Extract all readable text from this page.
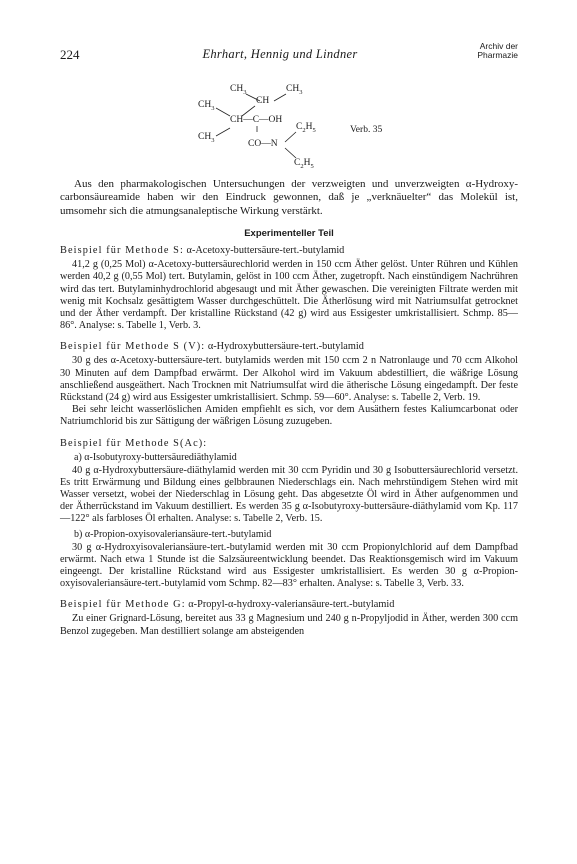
224	Ehrhart, Hennig und Lindner
Archiv der
Pharmazie
$CH_3$	$CH_3$
CH
$CH_3$
CH—C—OH
$CH_3$
$C_2H_5$
CO—N
$C_2H_5$
Verb. 35

Aus den pharmakologischen Untersuchungen der verzweigten und unverzweigten α-Hydroxy-carbonsäureamide haben wir den Eindruck gewonnen, daß je „verknäuelter“ das Molekül ist, umsomehr sich die atmungsanaleptische Wirkung verstärkt.

Experimenteller Teil
Beispiel für Methode S: α-Acetoxy-buttersäure-tert.-butylamid

41,2 g (0,25 Mol) α-Acetoxy-buttersäurechlorid werden in 150 ccm Äther gelöst. Unter Rühren und Kühlen werden 40,2 g (0,55 Mol) tert. Butylamin, gelöst in 100 ccm Äther, zugetropft. Nach einstündigem Nachrühren wird das tert. Butylaminhydrochlorid abgesaugt und mit Äther gewaschen. Die vereinigten Filtrate werden mit wenig mit Kochsalz gesättigtem Wasser durchgeschüttelt. Die Ätherlösung wird mit Natriumsulfat getrocknet und der Äther verdampft. Der kristalline Rückstand (42 g) wird aus Essigester umkristallisiert. Schmp. 85—86°. Analyse: s. Tabelle 1, Verb. 3.

Beispiel für Methode S (V): α-Hydroxybuttersäure-tert.-butylamid

30 g des α-Acetoxy-buttersäure-tert. butylamids werden mit 150 ccm 2 n Natronlauge und 70 ccm Alkohol 30 Minuten auf dem Dampfbad erwärmt. Der Alkohol wird im Vakuum abdestilliert, die wäßrige Lösung anschließend ausgeäthert. Nach Trocknen mit Natriumsulfat wird die ätherische Lösung eingedampft. Der feste Rückstand (24 g) wird aus Essigester umkristallisiert. Schmp. 59—60°. Analyse: s. Tabelle 2, Verb. 19.

Bei sehr leicht wasserlöslichen Amiden empfiehlt es sich, vor dem Ausäthern festes Kaliumcarbonat oder Natriumchlorid bis zur Sättigung der wäßrigen Lösung zuzugeben.

Beispiel für Methode S(Ac):
a) α-Isobutyroxy-buttersäurediäthylamid

40 g α-Hydroxybuttersäure-diäthylamid werden mit 30 ccm Pyridin und 30 g Isobuttersäurechlorid versetzt. Es tritt Erwärmung und Bildung eines gelbbraunen Niederschlags ein. Nach mehrstündigem Stehen wird mit Wasser versetzt, wobei der Niederschlag in Lösung geht. Das abgesetzte Öl wird in Äther aufgenommen und der Ätherrückstand im Vakuum destilliert. Es werden 35 g α-Isobutyroxy-buttersäure-diäthylamid vom Kp. 117—122° als farbloses Öl erhalten. Analyse: s. Tabelle 2, Verb. 15.

b) α-Propion-oxyisovaleriansäure-tert.-butylamid

30 g α-Hydroxyisovaleriansäure-tert.-butylamid werden mit 30 ccm Propionylchlorid auf dem Dampfbad erwärmt. Nach etwa 1 Stunde ist die Salzsäureentwicklung beendet. Das Reaktionsgemisch wird im Vakuum eingeengt. Der kristalline Rückstand wird aus Essigester umkristallisiert. Es werden 30 g α-Propion-oxyisovaleriansäure-tert.-butylamid vom Schmp. 82—83° erhalten. Analyse: s. Tabelle 3, Verb. 33.

Beispiel für Methode G: α-Propyl-α-hydroxy-valeriansäure-tert.-butylamid

Zu einer Grignard-Lösung, bereitet aus 33 g Magnesium und 240 g n-Propyljodid in Äther, werden 300 ccm Benzol zugegeben. Man destilliert solange am absteigenden
